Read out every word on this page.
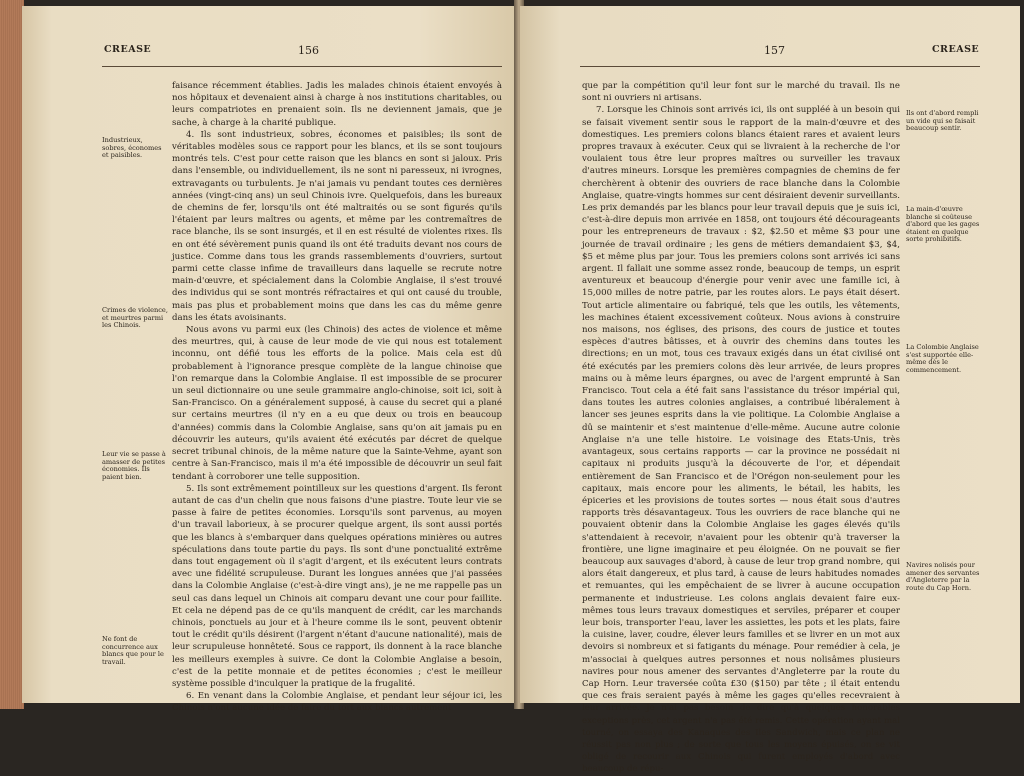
CREASE	156
Industrieux, sobres, économes et paisibles.
Crimes de violence, et meurtres parmi les Chinois.
Leur vie se passe à amasser de petites économies. Ils paient bien.
Ne font de concurrence aux blancs que pour le travail.

faisance récemment établies. Jadis les malades chinois étaient envoyés à nos hôpitaux et devenaient ainsi à charge à nos institutions charitables, ou leurs compatriotes en prenaient soin. Ils ne deviennent jamais, que je sache, à charge à la charité publique.

4. Ils sont industrieux, sobres, économes et paisibles; ils sont de véritables modèles sous ce rapport pour les blancs, et ils se sont toujours montrés tels. C'est pour cette raison que les blancs en sont si jaloux. Pris dans l'ensemble, ou individuellement, ils ne sont ni paresseux, ni ivrognes, extravagants ou turbulents. Je n'ai jamais vu pendant toutes ces dernières années (vingt-cinq ans) un seul Chinois ivre. Quelquefois, dans les bureaux de chemins de fer, lorsqu'ils ont été maltraités ou se sont figurés qu'ils l'étaient par leurs maîtres ou agents, et même par les contremaîtres de race blanche, ils se sont insurgés, et il en est résulté de violentes rixes. Ils en ont été sévèrement punis quand ils ont été traduits devant nos cours de justice. Comme dans tous les grands rassemblements d'ouvriers, surtout parmi cette classe infime de travailleurs dans laquelle se recrute notre main-d'œuvre, et spécialement dans la Colombie Anglaise, il s'est trouvé des individus qui se sont montrés réfractaires et qui ont causé du trouble, mais pas plus et probablement moins que dans les cas du même genre dans les états avoisinants.

Nous avons vu parmi eux (les Chinois) des actes de violence et même des meurtres, qui, à cause de leur mode de vie qui nous est totalement inconnu, ont défié tous les efforts de la police. Mais cela est dû probablement à l'ignorance presque complète de la langue chinoise que l'on remarque dans la Colombie Anglaise. Il est impossible de se procurer un seul dictionnaire ou une seule grammaire anglo-chinoise, soit ici, soit à San-Francisco. On a généralement supposé, à cause du secret qui a plané sur certains meurtres (il n'y en a eu que deux ou trois en beaucoup d'années) commis dans la Colombie Anglaise, sans qu'on ait jamais pu en découvrir les auteurs, qu'ils avaient été exécutés par décret de quelque secret tribunal chinois, de la même nature que la Sainte-Vehme, ayant son centre à San-Francisco, mais il m'a été impossible de découvrir un seul fait tendant à corroborer une telle supposition.

5. Ils sont extrêmement pointilleux sur les questions d'argent. Ils feront autant de cas d'un chelin que nous faisons d'une piastre. Toute leur vie se passe à faire de petites économies. Lorsqu'ils sont parvenus, au moyen d'un travail laborieux, à se procurer quelque argent, ils sont aussi portés que les blancs à s'embarquer dans quelques opérations minières ou autres spéculations dans toute partie du pays. Ils sont d'une ponctualité extrême dans tout engagement où il s'agit d'argent, et ils exécutent leurs contrats avec une fidélité scrupuleuse. Durant les longues années que j'ai passées dans la Colombie Anglaise (c'est-à-dire vingt ans), je ne me rappelle pas un seul cas dans lequel un Chinois ait comparu devant une cour pour faillite. Et cela ne dépend pas de ce qu'ils manquent de crédit, car les marchands chinois, ponctuels au jour et à l'heure comme ils le sont, peuvent obtenir tout le crédit qu'ils désirent (l'argent n'étant d'aucune nationalité), mais de leur scrupuleuse honnêteté. Sous ce rapport, ils donnent à la race blanche les meilleurs exemples à suivre. Ce dont la Colombie Anglaise a besoin, c'est de la petite monnaie et de petites économies ; c'est le meilleur système possible d'inculquer la pratique de la frugalité.

6. En venant dans la Colombie Anglaise, et pendant leur séjour ici, les Chinois n'ont aucune idée de faire du tort aux blancs autrement

157	CREASE

que par la compétition qu'il leur font sur le marché du travail. Ils ne sont ni ouvriers ni artisans.

7. Lorsque les Chinois sont arrivés ici, ils ont suppléé à un besoin qui se faisait vivement sentir sous le rapport de la main-d'œuvre et des domestiques. Les premiers colons blancs étaient rares et avaient leurs propres travaux à exécuter. Ceux qui se livraient à la recherche de l'or voulaient tous être leur propres maîtres ou surveiller les travaux d'autres mineurs. Lorsque les premières compagnies de chemins de fer cherchèrent à obtenir des ouvriers de race blanche dans la Colombie Anglaise, quatre-vingts hommes sur cent désiraient devenir surveillants. Les prix demandés par les blancs pour leur travail depuis que je suis ici, c'est-à-dire depuis mon arrivée en 1858, ont toujours été décourageants pour les entrepreneurs de travaux : $2, $2.50 et même $3 pour une journée de travail ordinaire ; les gens de métiers demandaient $3, $4, $5 et même plus par jour. Tous les premiers colons sont arrivés ici sans argent. Il fallait une somme assez ronde, beaucoup de temps, un esprit aventureux et beaucoup d'énergie pour venir avec une famille ici, à 15,000 milles de notre patrie, par les routes alors. Le pays était désert. Tout article alimentaire ou fabriqué, tels que les outils, les vêtements, les machines étaient excessivement coûteux. Nous avions à construire nos maisons, nos églises, des prisons, des cours de justice et toutes espèces d'autres bâtisses, et à ouvrir des chemins dans toutes les directions; en un mot, tous ces travaux exigés dans un état civilisé ont été exécutés par les premiers colons dès leur arrivée, de leurs propres mains ou à même leurs épargnes, ou avec de l'argent emprunté à San Francisco. Tout cela a été fait sans l'assistance du trésor impérial qui, dans toutes les autres colonies anglaises, a contribué libéralement à lancer ses jeunes esprits dans la vie politique. La Colombie Anglaise a dû se maintenir et s'est maintenue d'elle-même. Aucune autre colonie Anglaise n'a une telle histoire. Le voisinage des Etats-Unis, très avantageux, sous certains rapports — car la province ne possédait ni capitaux ni produits jusqu'à la découverte de l'or, et dépendait entièrement de San Francisco et de l'Orégon non-seulement pour les capitaux, mais encore pour les aliments, le bétail, les habits, les épiceries et les provisions de toutes sortes — nous était sous d'autres rapports très désavantageux. Tous les ouvriers de race blanche qui ne pouvaient obtenir dans la Colombie Anglaise les gages élevés qu'ils s'attendaient à recevoir, n'avaient pour les obtenir qu'à traverser la frontière, une ligne imaginaire et peu éloignée. On ne pouvait se fier beaucoup aux sauvages d'abord, à cause de leur trop grand nombre, qui alors était dangereux, et plus tard, à cause de leurs habitudes nomades et remuantes, qui les empêchaient de se livrer à aucune occupation permanente et industrieuse. Les colons anglais devaient faire eux-mêmes tous leurs travaux domestiques et serviles, préparer et couper leur bois, transporter l'eau, laver les assiettes, les pots et les plats, faire la cuisine, laver, coudre, élever leurs familles et se livrer en un mot aux devoirs si nombreux et si fatigants du ménage. Pour remédier à cela, je m'associai à quelques autres personnes et nous nolisâmes plusieurs navires pour nous amener des servantes d'Angleterre par la route du Cap Horn. Leur traversée coûta £30 ($150) par tête ; il était entendu que ces frais seraient payés à même les gages qu'elles recevraient à leur arrivée. Je n'ai pas besoin de dire qu'à quelques honorables exceptions près, cet argent n'a pas été remis. Cette opération ayant mal tourné, on essaya des Kanaques des Iles Sandwich, mais ce plan ne réussit pas non plus ; de sorte que tous les moyens épuisés, on se vit obligé de recourir aux Chinois qui furent employés d'abord avec beaucoup de répu-

Ils ont d'abord rempli un vide qui se faisait beaucoup sentir.
La main-d'œuvre blanche si coûteuse d'abord que les gages étaient en quelque sorte prohibitifs.
La Colombie Anglaise s'est supportée elle-même dès le commencement.
Navires nolisés pour amener des servantes d'Angleterre par la route du Cap Horn.
